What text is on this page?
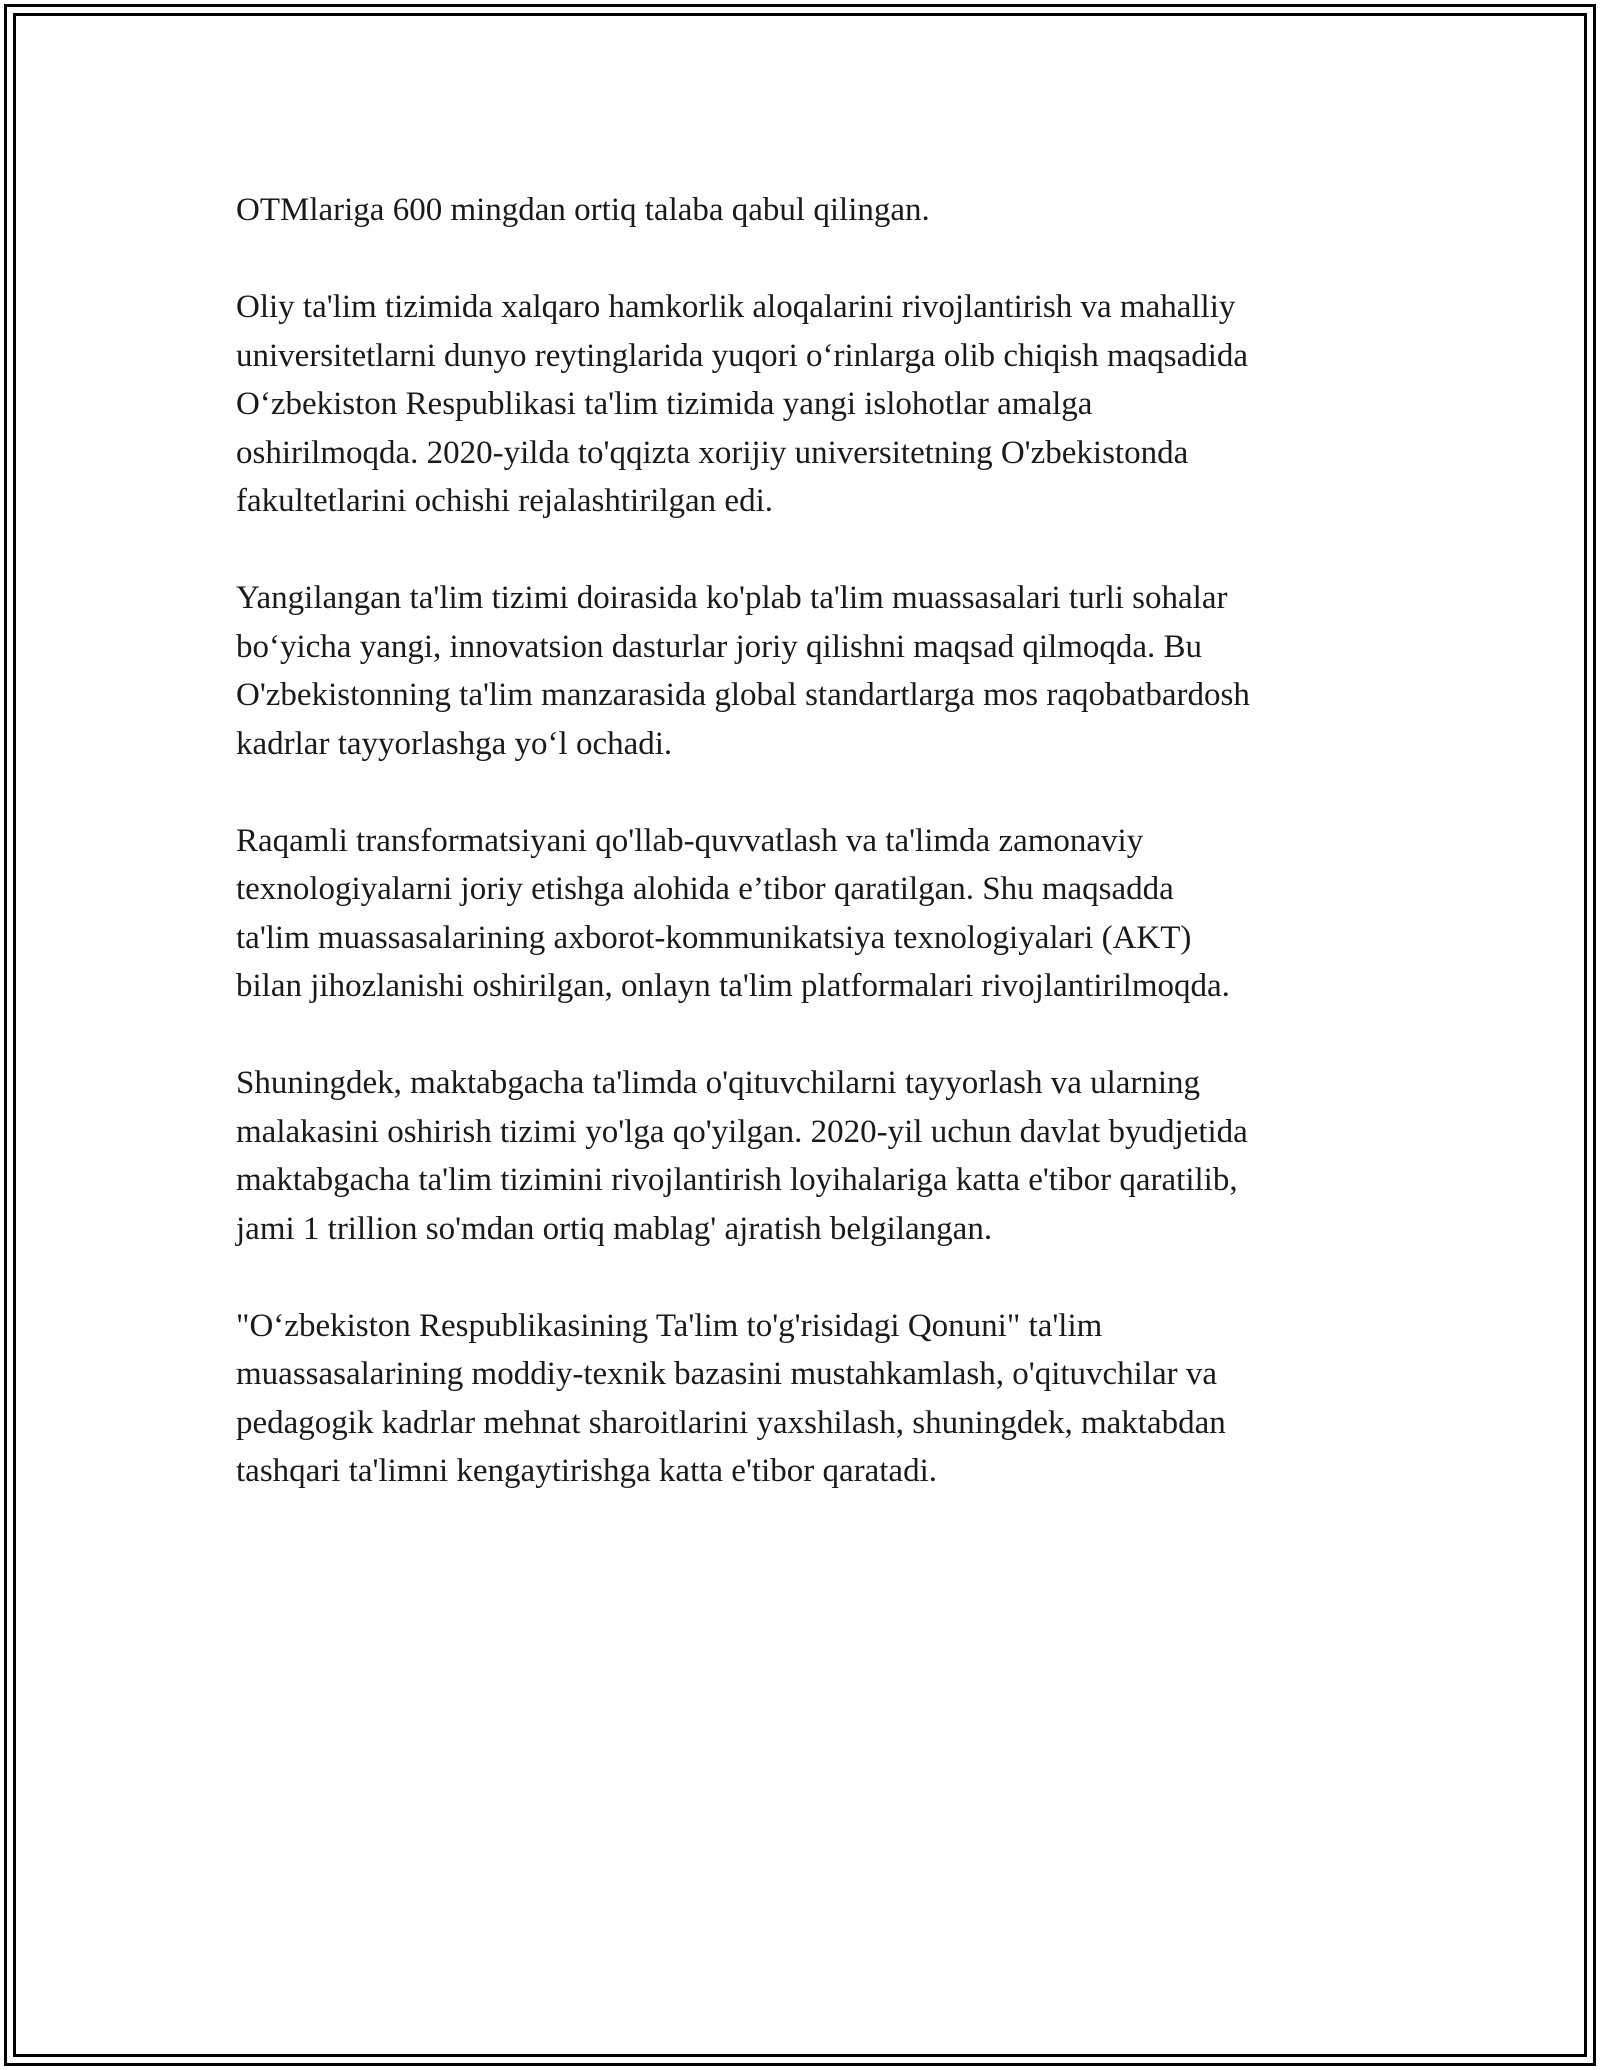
OTMlariga 600 mingdan ortiq talaba qabul qilingan.

Oliy ta'lim tizimida xalqaro hamkorlik aloqalarini rivojlantirish va mahalliy
universitetlarni dunyo reytinglarida yuqori o‘rinlarga olib chiqish maqsadida
O‘zbekiston Respublikasi ta'lim tizimida yangi islohotlar amalga
oshirilmoqda. 2020-yilda to'qqizta xorijiy universitetning O'zbekistonda
fakultetlarini ochishi rejalashtirilgan edi.

Yangilangan ta'lim tizimi doirasida ko'plab ta'lim muassasalari turli sohalar
bo‘yicha yangi, innovatsion dasturlar joriy qilishni maqsad qilmoqda. Bu
O'zbekistonning ta'lim manzarasida global standartlarga mos raqobatbardosh
kadrlar tayyorlashga yo‘l ochadi.

Raqamli transformatsiyani qo'llab-quvvatlash va ta'limda zamonaviy
texnologiyalarni joriy etishga alohida e’tibor qaratilgan. Shu maqsadda
ta'lim muassasalarining axborot-kommunikatsiya texnologiyalari (AKT)
bilan jihozlanishi oshirilgan, onlayn ta'lim platformalari rivojlantirilmoqda.

Shuningdek, maktabgacha ta'limda o'qituvchilarni tayyorlash va ularning
malakasini oshirish tizimi yo'lga qo'yilgan. 2020-yil uchun davlat byudjetida
maktabgacha ta'lim tizimini rivojlantirish loyihalariga katta e'tibor qaratilib,
jami 1 trillion so'mdan ortiq mablag' ajratish belgilangan.

"O‘zbekiston Respublikasining Ta'lim to'g'risidagi Qonuni" ta'lim
muassasalarining moddiy-texnik bazasini mustahkamlash, o'qituvchilar va
pedagogik kadrlar mehnat sharoitlarini yaxshilash, shuningdek, maktabdan
tashqari ta'limni kengaytirishga katta e'tibor qaratadi.
